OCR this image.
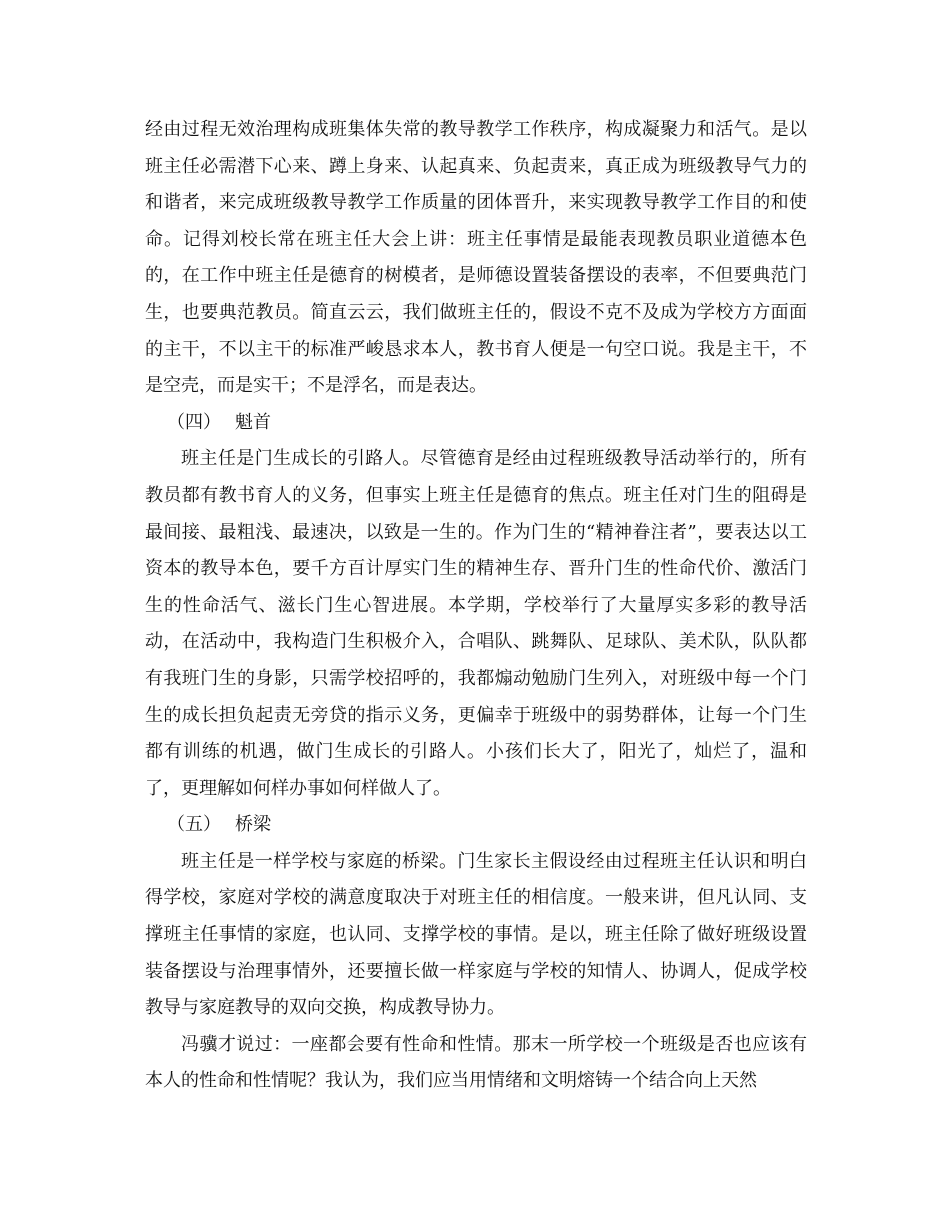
经由过程无效治理构成班集体失常的教导教学工作秩序，构成凝聚力和活气。是以班主任必需潜下心来、蹲上身来、认起真来、负起责来，真正成为班级教导气力的和谐者，来完成班级教导教学工作质量的团体晋升，来实现教导教学工作目的和使命。记得刘校长常在班主任大会上讲：班主任事情是最能表现教员职业道德本色的，在工作中班主任是德育的树模者，是师德设置装备摆设的表率，不但要典范门生，也要典范教员。简直云云，我们做班主任的，假设不克不及成为学校方方面面的主干，不以主干的标准严峻恳求本人，教书育人便是一句空口说。我是主干，不是空壳，而是实干；不是浮名，而是表达。

（四） 魁首

班主任是门生成长的引路人。尽管德育是经由过程班级教导活动举行的，所有教员都有教书育人的义务，但事实上班主任是德育的焦点。班主任对门生的阻碍是最间接、最粗浅、最速决，以致是一生的。作为门生的“精神眷注者”，要表达以工资本的教导本色，要千方百计厚实门生的精神生存、晋升门生的性命代价、激活门生的性命活气、滋长门生心智进展。本学期，学校举行了大量厚实多彩的教导活动，在活动中，我构造门生积极介入，合唱队、跳舞队、足球队、美术队，队队都有我班门生的身影，只需学校招呼的，我都煽动勉励门生列入，对班级中每一个门生的成长担负起责无旁贷的指示义务，更偏幸于班级中的弱势群体，让每一个门生都有训练的机遇，做门生成长的引路人。小孩们长大了，阳光了，灿烂了，温和了，更理解如何样办事如何样做人了。

（五） 桥梁

班主任是一样学校与家庭的桥梁。门生家长主假设经由过程班主任认识和明白得学校，家庭对学校的满意度取决于对班主任的相信度。一般来讲，但凡认同、支撑班主任事情的家庭，也认同、支撑学校的事情。是以，班主任除了做好班级设置装备摆设与治理事情外，还要擅长做一样家庭与学校的知情人、协调人，促成学校教导与家庭教导的双向交换，构成教导协力。

冯骥才说过：一座都会要有性命和性情。那末一所学校一个班级是否也应该有本人的性命和性情呢？我认为，我们应当用情绪和文明熔铸一个结合向上天然
